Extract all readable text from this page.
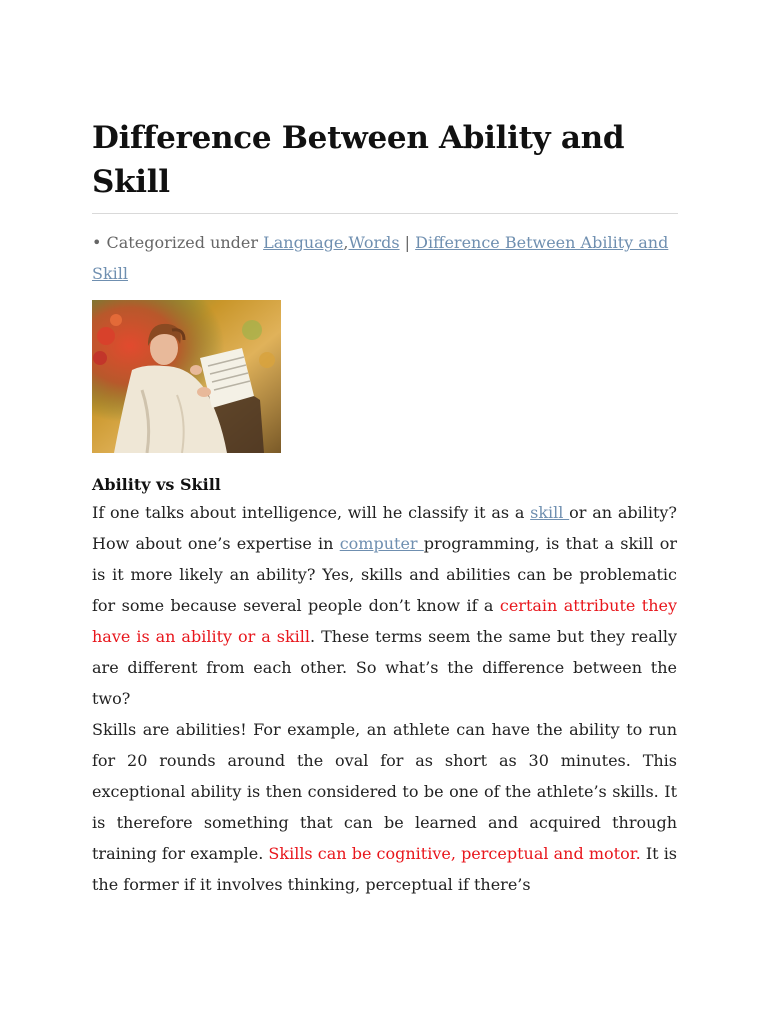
Difference Between Ability and Skill
• Categorized under Language,Words | Difference Between Ability and Skill
Ability vs Skill

If one talks about intelligence, will he classify it as a skill or an ability? How about one’s expertise in computer programming, is that a skill or is it more likely an ability? Yes, skills and abilities can be problematic for some because several people don’t know if a certain attribute they have is an ability or a skill. These terms seem the same but they really are different from each other. So what’s the difference between the two?

Skills are abilities! For example, an athlete can have the ability to run for 20 rounds around the oval for as short as 30 minutes. This exceptional ability is then considered to be one of the athlete’s skills. It is therefore something that can be learned and acquired through training for example. Skills can be cognitive, perceptual and motor. It is the former if it involves thinking, perceptual if there’s
